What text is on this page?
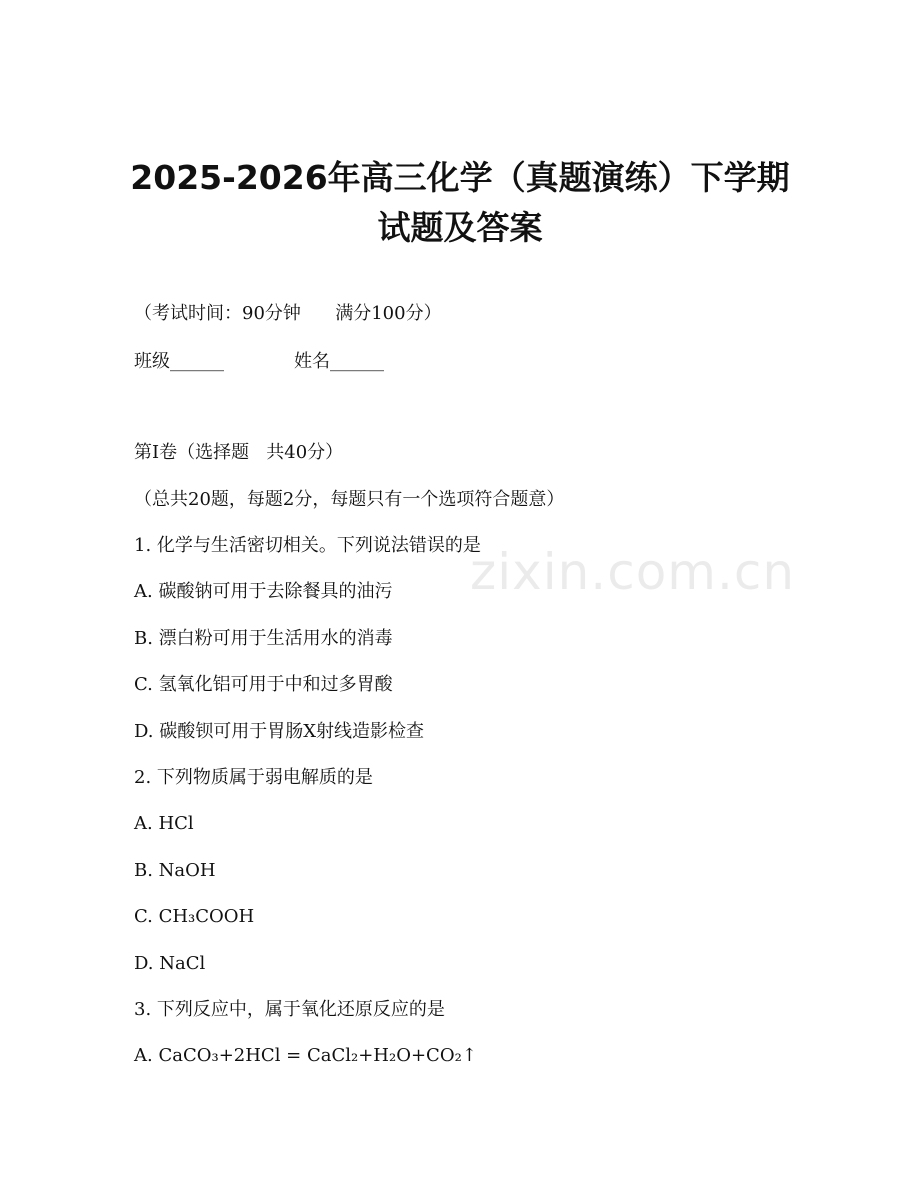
2025-2026年高三化学（真题演练）下学期
试题及答案
（考试时间：90分钟      满分100分）
班级______	姓名______
第Ⅰ卷（选择题   共40分）
（总共20题，每题2分，每题只有一个选项符合题意）
1. 化学与生活密切相关。下列说法错误的是
A. 碳酸钠可用于去除餐具的油污
B. 漂白粉可用于生活用水的消毒
C. 氢氧化铝可用于中和过多胃酸
D. 碳酸钡可用于胃肠X射线造影检查
2. 下列物质属于弱电解质的是
A. HCl
B. NaOH
C. CH₃COOH
D. NaCl
3. 下列反应中，属于氧化还原反应的是
A. CaCO₃+2HCl = CaCl₂+H₂O+CO₂↑
zixin.com.cn
